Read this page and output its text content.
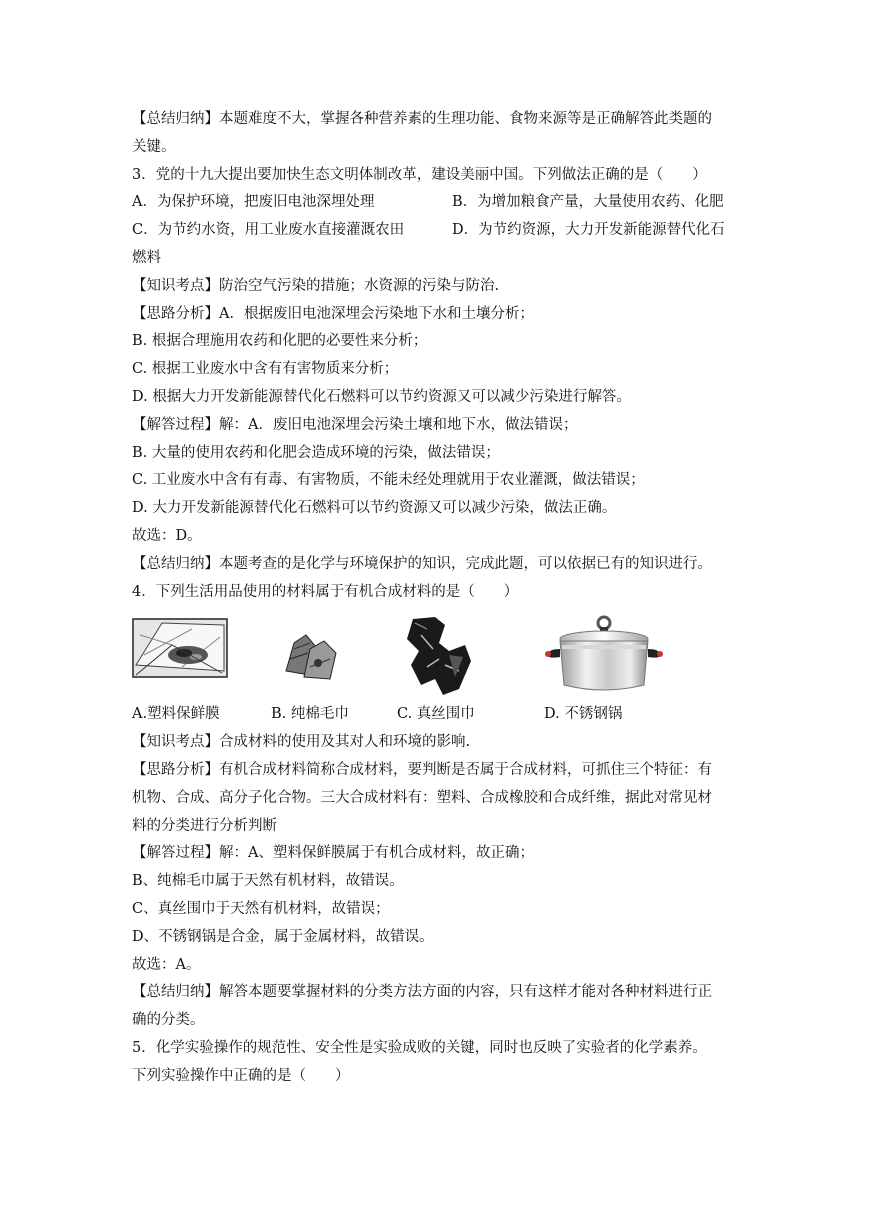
【总结归纳】本题难度不大，掌握各种营养素的生理功能、食物来源等是正确解答此类题的
关键。
3．党的十九大提出要加快生态文明体制改革，建设美丽中国。下列做法正确的是（　　）
A．为保护环境，把废旧电池深埋处理	B．为增加粮食产量，大量使用农药、化肥
C．为节约水资，用工业废水直接灌溉农田	D．为节约资源，大力开发新能源替代化石
燃料
【知识考点】防治空气污染的措施；水资源的污染与防治.
【思路分析】A．根据废旧电池深埋会污染地下水和土壤分析；
B. 根据合理施用农药和化肥的必要性来分析；
C. 根据工业废水中含有有害物质来分析；
D. 根据大力开发新能源替代化石燃料可以节约资源又可以减少污染进行解答。
【解答过程】解：A．废旧电池深埋会污染土壤和地下水，做法错误；
B. 大量的使用农药和化肥会造成环境的污染，做法错误；
C. 工业废水中含有有毒、有害物质，不能未经处理就用于农业灌溉，做法错误；
D. 大力开发新能源替代化石燃料可以节约资源又可以减少污染，做法正确。
故选：D。
【总结归纳】本题考查的是化学与环境保护的知识，完成此题，可以依据已有的知识进行。
4．下列生活用品使用的材料属于有机合成材料的是（　　）
A.塑料保鲜膜	B. 纯棉毛巾	C. 真丝围巾	D. 不锈钢锅
【知识考点】合成材料的使用及其对人和环境的影响.
【思路分析】有机合成材料简称合成材料，要判断是否属于合成材料，可抓住三个特征：有
机物、合成、高分子化合物。三大合成材料有：塑料、合成橡胶和合成纤维，据此对常见材
料的分类进行分析判断
【解答过程】解：A、塑料保鲜膜属于有机合成材料，故正确；
B、纯棉毛巾属于天然有机材料，故错误。
C、真丝围巾于天然有机材料，故错误；
D、不锈钢锅是合金，属于金属材料，故错误。
故选：A。
【总结归纳】解答本题要掌握材料的分类方法方面的内容，只有这样才能对各种材料进行正
确的分类。
5．化学实验操作的规范性、安全性是实验成败的关键，同时也反映了实验者的化学素养。
下列实验操作中正确的是（　　）
